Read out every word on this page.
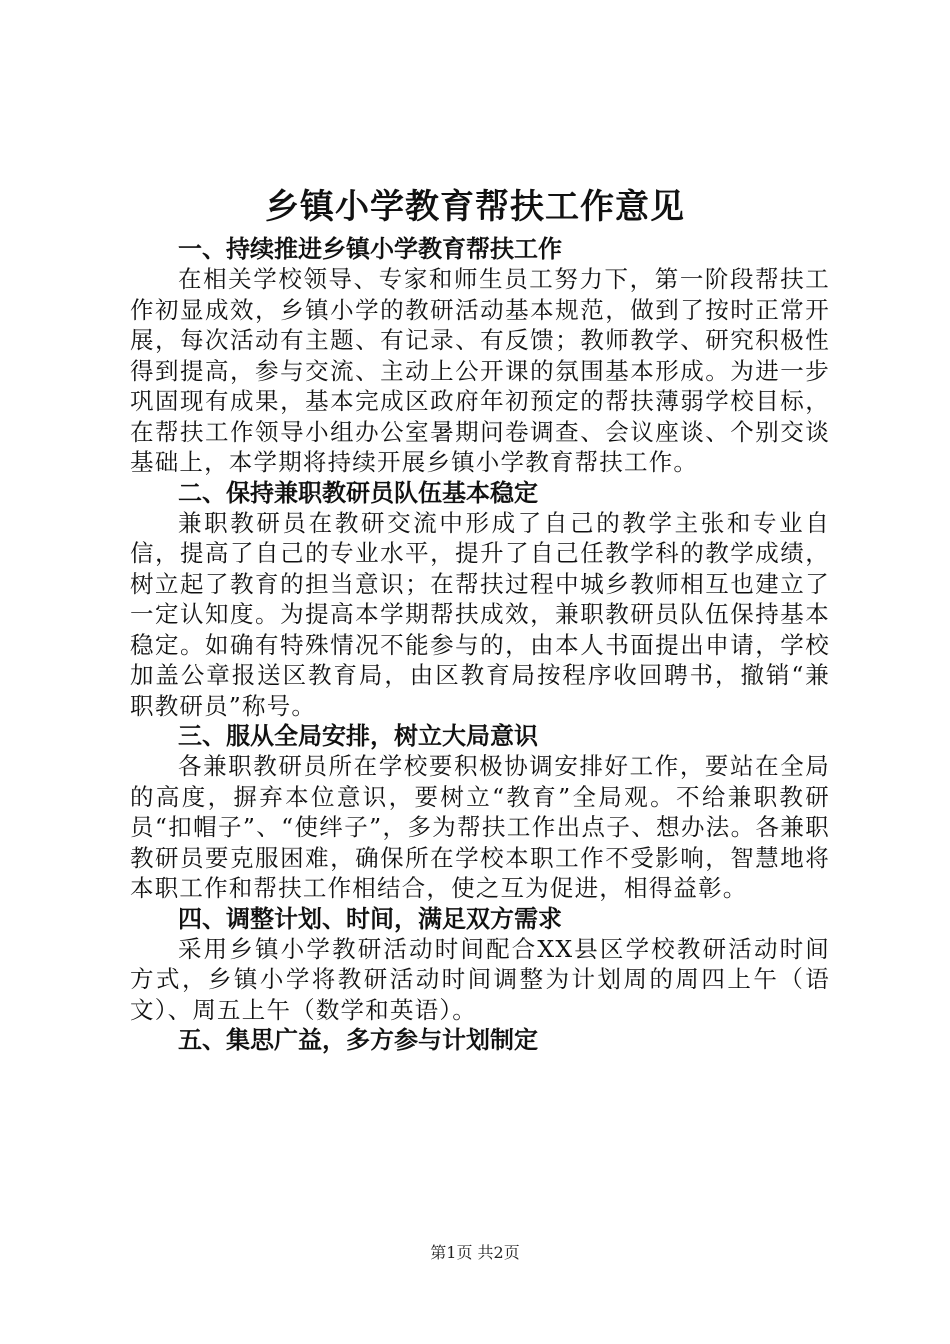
乡镇小学教育帮扶工作意见

一、持续推进乡镇小学教育帮扶工作

在相关学校领导、专家和师生员工努力下，第一阶段帮扶工作初显成效，乡镇小学的教研活动基本规范，做到了按时正常开展，每次活动有主题、有记录、有反馈；教师教学、研究积极性得到提高，参与交流、主动上公开课的氛围基本形成。为进一步巩固现有成果，基本完成区政府年初预定的帮扶薄弱学校目标，在帮扶工作领导小组办公室暑期问卷调查、会议座谈、个别交谈基础上，本学期将持续开展乡镇小学教育帮扶工作。

二、保持兼职教研员队伍基本稳定

兼职教研员在教研交流中形成了自己的教学主张和专业自信，提高了自己的专业水平，提升了自己任教学科的教学成绩，树立起了教育的担当意识；在帮扶过程中城乡教师相互也建立了一定认知度。为提高本学期帮扶成效，兼职教研员队伍保持基本稳定。如确有特殊情况不能参与的，由本人书面提出申请，学校加盖公章报送区教育局，由区教育局按程序收回聘书，撤销“兼职教研员”称号。

三、服从全局安排，树立大局意识

各兼职教研员所在学校要积极协调安排好工作，要站在全局的高度，摒弃本位意识，要树立“教育”全局观。不给兼职教研员“扣帽子”、“使绊子”，多为帮扶工作出点子、想办法。各兼职教研员要克服困难，确保所在学校本职工作不受影响，智慧地将本职工作和帮扶工作相结合，使之互为促进，相得益彰。

四、调整计划、时间，满足双方需求

采用乡镇小学教研活动时间配合XX县区学校教研活动时间方式，乡镇小学将教研活动时间调整为计划周的周四上午（语文）、周五上午（数学和英语）。

五、集思广益，多方参与计划制定

第1页 共2页
